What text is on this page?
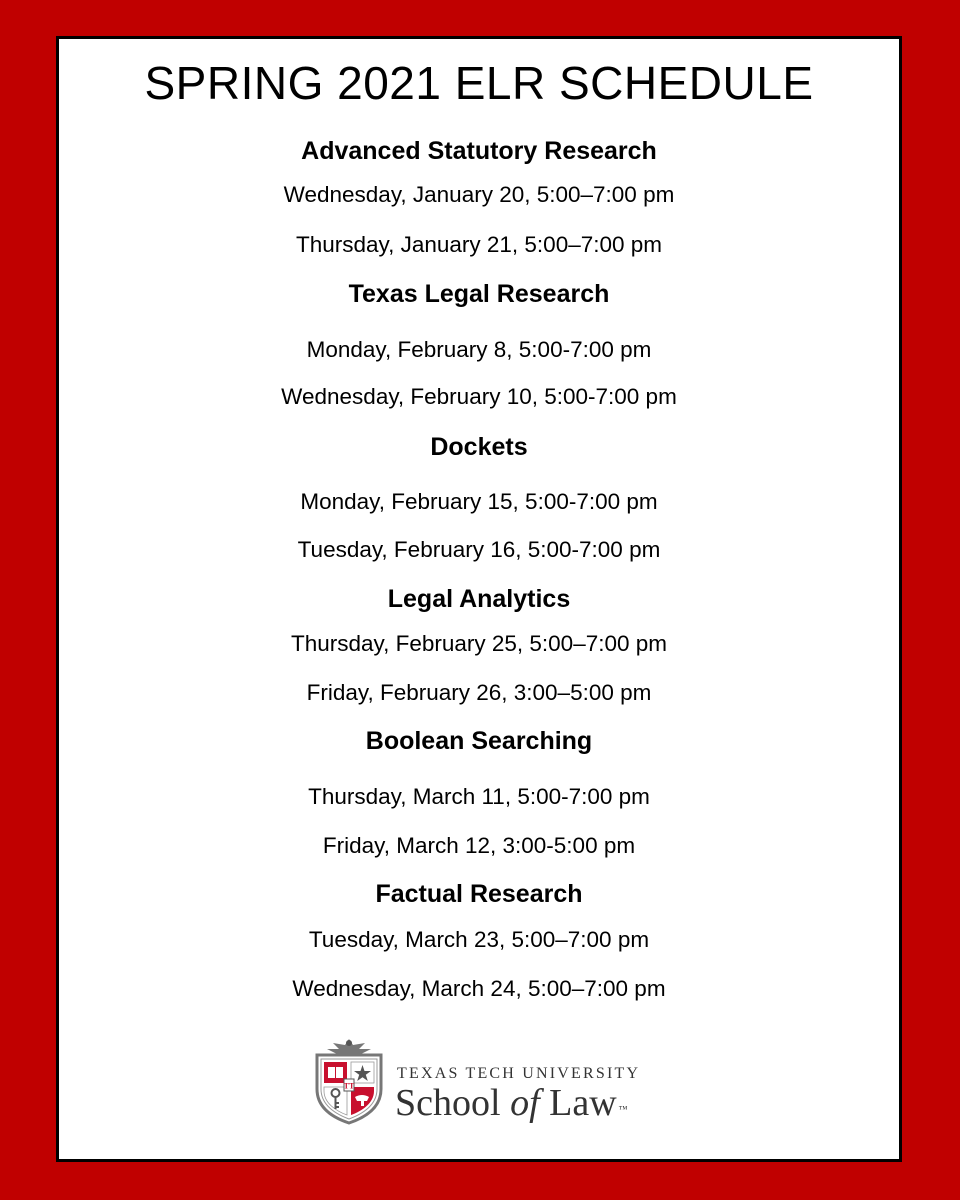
SPRING 2021 ELR SCHEDULE
Advanced Statutory Research
Wednesday, January 20, 5:00–7:00 pm
Thursday, January 21, 5:00–7:00 pm
Texas Legal Research
Monday, February 8, 5:00-7:00 pm
Wednesday, February 10, 5:00-7:00 pm
Dockets
Monday, February 15, 5:00-7:00 pm
Tuesday, February 16, 5:00-7:00 pm
Legal Analytics
Thursday, February 25, 5:00–7:00 pm
Friday, February 26, 3:00–5:00 pm
Boolean Searching
Thursday, March 11, 5:00-7:00 pm
Friday, March 12, 3:00-5:00 pm
Factual Research
Tuesday, March 23, 5:00–7:00 pm
Wednesday, March 24, 5:00–7:00 pm
TT
TEXAS TECH UNIVERSITY
School of Law ™
